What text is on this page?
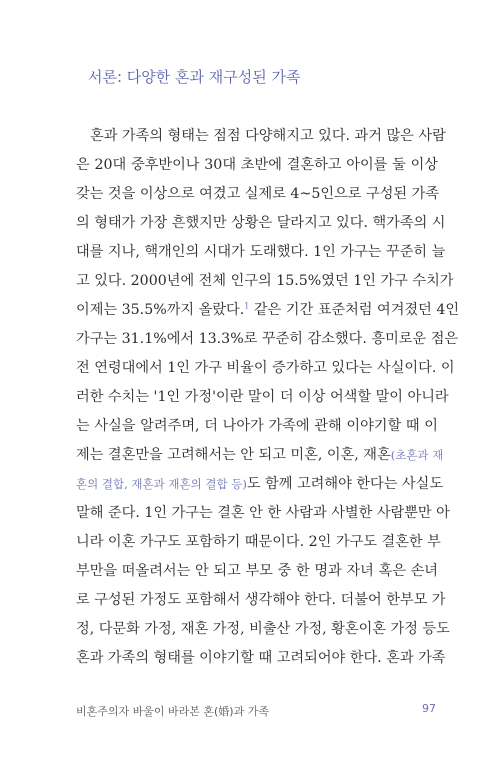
서론: 다양한 혼과 재구성된 가족
혼과 가족의 형태는 점점 다양해지고 있다. 과거 많은 사람
은 20대 중후반이나 30대 초반에 결혼하고 아이를 둘 이상
갖는 것을 이상으로 여겼고 실제로 4~5인으로 구성된 가족
의 형태가 가장 흔했지만 상황은 달라지고 있다. 핵가족의 시
대를 지나, 핵개인의 시대가 도래했다. 1인 가구는 꾸준히 늘
고 있다. 2000년에 전체 인구의 15.5%였던 1인 가구 수치가
이제는 35.5%까지 올랐다.$^1$ 같은 기간 표준처럼 여겨졌던 4인
가구는 31.1%에서 13.3%로 꾸준히 감소했다. 흥미로운 점은
전 연령대에서 1인 가구 비율이 증가하고 있다는 사실이다. 이
러한 수치는 '1인 가정'이란 말이 더 이상 어색할 말이 아니라
는 사실을 알려주며, 더 나아가 가족에 관해 이야기할 때 이
제는 결혼만을 고려해서는 안 되고 미혼, 이혼, 재혼(초혼과 재
혼의 결합, 재혼과 재혼의 결합 등)도 함께 고려해야 한다는 사실도
말해 준다. 1인 가구는 결혼 안 한 사람과 사별한 사람뿐만 아
니라 이혼 가구도 포함하기 때문이다. 2인 가구도 결혼한 부
부만을 떠올려서는 안 되고 부모 중 한 명과 자녀 혹은 손녀
로 구성된 가정도 포함해서 생각해야 한다. 더불어 한부모 가
정, 다문화 가정, 재혼 가정, 비출산 가정, 황혼이혼 가정 등도
혼과 가족의 형태를 이야기할 때 고려되어야 한다. 혼과 가족
비혼주의자 바울이 바라본 혼(婚)과 가족	97
